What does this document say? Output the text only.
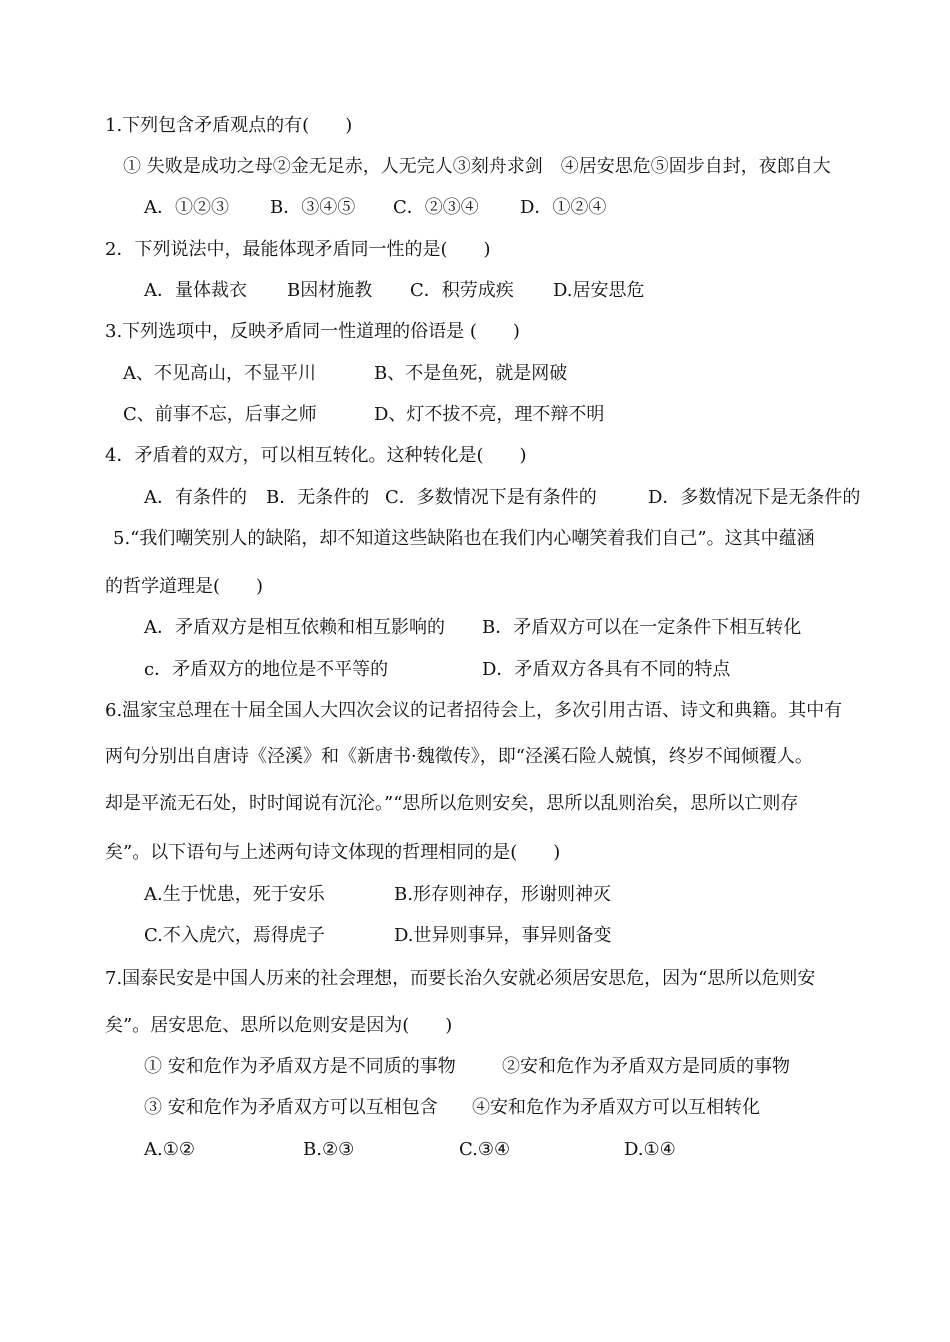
1.下列包含矛盾观点的有(　　)
① 失败是成功之母②金无足赤，人无完人③刻舟求剑　④居安思危⑤固步自封，夜郎自大
A．①②③ B．③④⑤ C．②③④ D．①②④
2．下列说法中，最能体现矛盾同一性的是(　　)
A．量体裁衣 B因材施教 C．积劳成疾 D.居安思危
3.下列选项中，反映矛盾同一性道理的俗语是 (　　)
A、不见高山，不显平川	B、不是鱼死，就是网破
C、前事不忘，后事之师	D、灯不拔不亮，理不辩不明
4．矛盾着的双方，可以相互转化。这种转化是(　　)
A．有条件的 B．无条件的 C．多数情况下是有条件的	D．多数情况下是无条件的
5.“我们嘲笑别人的缺陷，却不知道这些缺陷也在我们内心嘲笑着我们自己”。这其中蕴涵
的哲学道理是(　　)
A．矛盾双方是相互依赖和相互影响的 B．矛盾双方可以在一定条件下相互转化
c．矛盾双方的地位是不平等的	D．矛盾双方各具有不同的特点
6.温家宝总理在十届全国人大四次会议的记者招待会上，多次引用古语、诗文和典籍。其中有
两句分别出自唐诗《泾溪》和《新唐书·魏徵传》，即“泾溪石险人兢慎，终岁不闻倾覆人。
却是平流无石处，时时闻说有沉沦。”“思所以危则安矣，思所以乱则治矣，思所以亡则存
矣”。以下语句与上述两句诗文体现的哲理相同的是(　　)
A.生于忧患，死于安乐	B.形存则神存，形谢则神灭
C.不入虎穴，焉得虎子	D.世异则事异，事异则备变
7.国泰民安是中国人历来的社会理想，而要长治久安就必须居安思危，因为“思所以危则安
矣”。居安思危、思所以危则安是因为(　　)
① 安和危作为矛盾双方是不同质的事物	②安和危作为矛盾双方是同质的事物
③ 安和危作为矛盾双方可以互相包含 ④安和危作为矛盾双方可以互相转化
A.①②	B.②③	C.③④	D.①④
